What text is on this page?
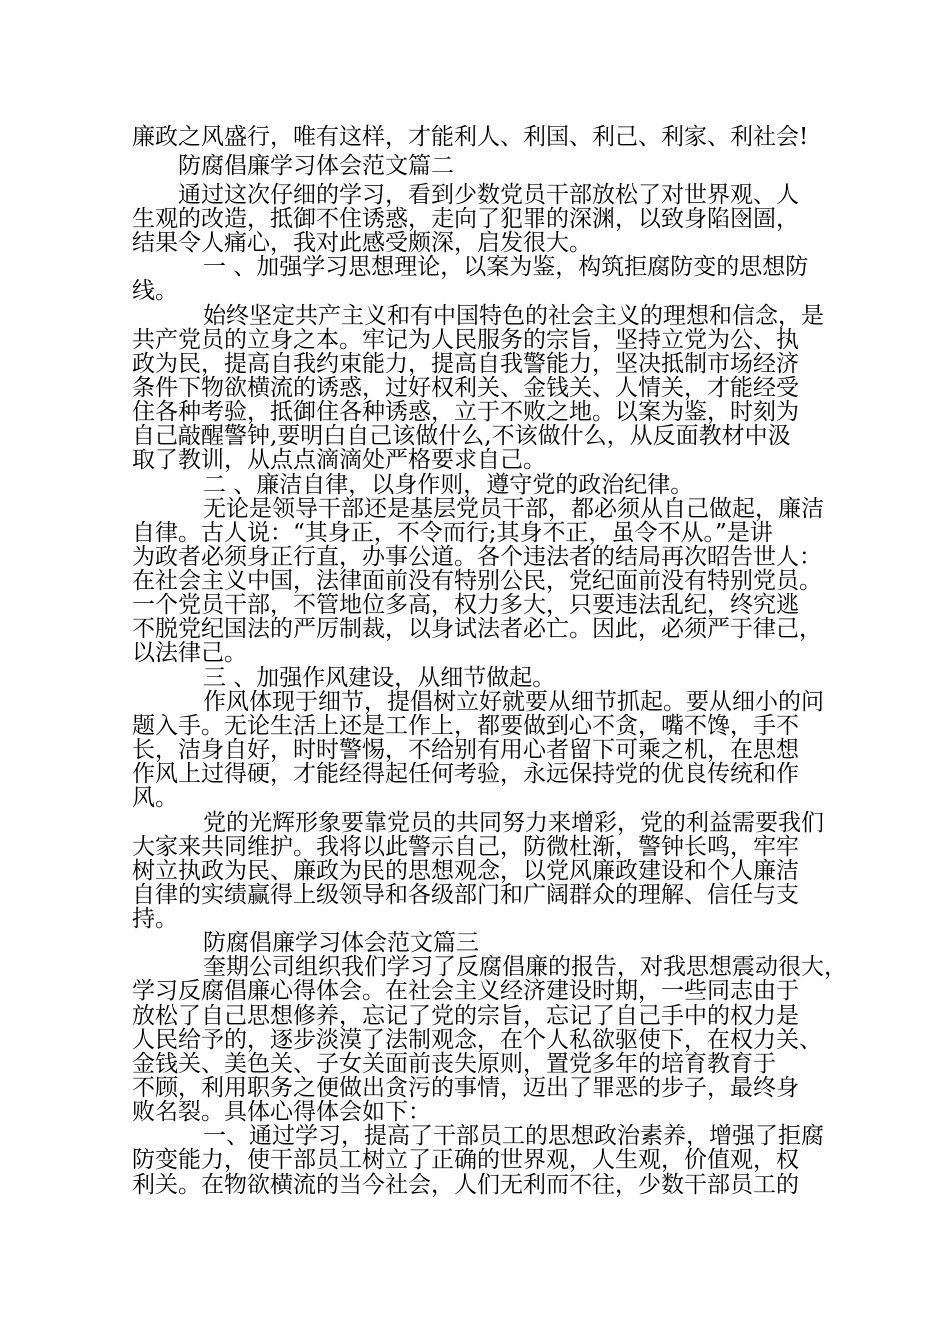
廉政之风盛行，唯有这样，才能利人、利国、利己、利家、利社会!
防腐倡廉学习体会范文篇二
通过这次仔细的学习，看到少数党员干部放松了对世界观、人
生观的改造，抵御不住诱惑，走向了犯罪的深渊，以致身陷囹圄，
结果令人痛心，我对此感受颇深，启发很大。
一 、加强学习思想理论，以案为鉴，构筑拒腐防变的思想防
线。
始终坚定共产主义和有中国特色的社会主义的理想和信念，是
共产党员的立身之本。牢记为人民服务的宗旨，坚持立党为公、执
政为民，提高自我约束能力，提高自我警能力，坚决抵制市场经济
条件下物欲横流的诱惑，过好权利关、金钱关、人情关，才能经受
住各种考验，抵御住各种诱惑，立于不败之地。以案为鉴，时刻为
自己敲醒警钟,要明白自己该做什么,不该做什么，从反面教材中汲
取了教训，从点点滴滴处严格要求自己。
二 、廉洁自律，以身作则，遵守党的政治纪律。
无论是领导干部还是基层党员干部，都必须从自己做起，廉洁
自律。古人说：“其身正，不令而行;其身不正，虽令不从。”是讲
为政者必须身正行直，办事公道。各个违法者的结局再次昭告世人：
在社会主义中国，法律面前没有特别公民，党纪面前没有特别党员。
一个党员干部，不管地位多高，权力多大，只要违法乱纪，终究逃
不脱党纪国法的严厉制裁，以身试法者必亡。因此，必须严于律己，
以法律己。
三 、加强作风建设，从细节做起。
作风体现于细节，提倡树立好就要从细节抓起。要从细小的问
题入手。无论生活上还是工作上，都要做到心不贪，嘴不馋，手不
长，洁身自好，时时警惕，不给别有用心者留下可乘之机，在思想
作风上过得硬，才能经得起任何考验，永远保持党的优良传统和作
风。
党的光辉形象要靠党员的共同努力来增彩，党的利益需要我们
大家来共同维护。我将以此警示自己，防微杜渐，警钟长鸣，牢牢
树立执政为民、廉政为民的思想观念，以党风廉政建设和个人廉洁
自律的实绩赢得上级领导和各级部门和广阔群众的理解、信任与支
持。
防腐倡廉学习体会范文篇三
奎期公司组织我们学习了反腐倡廉的报告，对我思想震动很大，
学习反腐倡廉心得体会。在社会主义经济建设时期，一些同志由于
放松了自己思想修养，忘记了党的宗旨，忘记了自己手中的权力是
人民给予的，逐步淡漠了法制观念，在个人私欲驱使下，在权力关、
金钱关、美色关、子女关面前丧失原则，置党多年的培育教育于
不顾，利用职务之便做出贪污的事情，迈出了罪恶的步子，最终身
败名裂。具体心得体会如下：
一、通过学习，提高了干部员工的思想政治素养，增强了拒腐
防变能力，使干部员工树立了正确的世界观，人生观，价值观，权
利关。在物欲横流的当今社会，人们无利而不往，少数干部员工的
